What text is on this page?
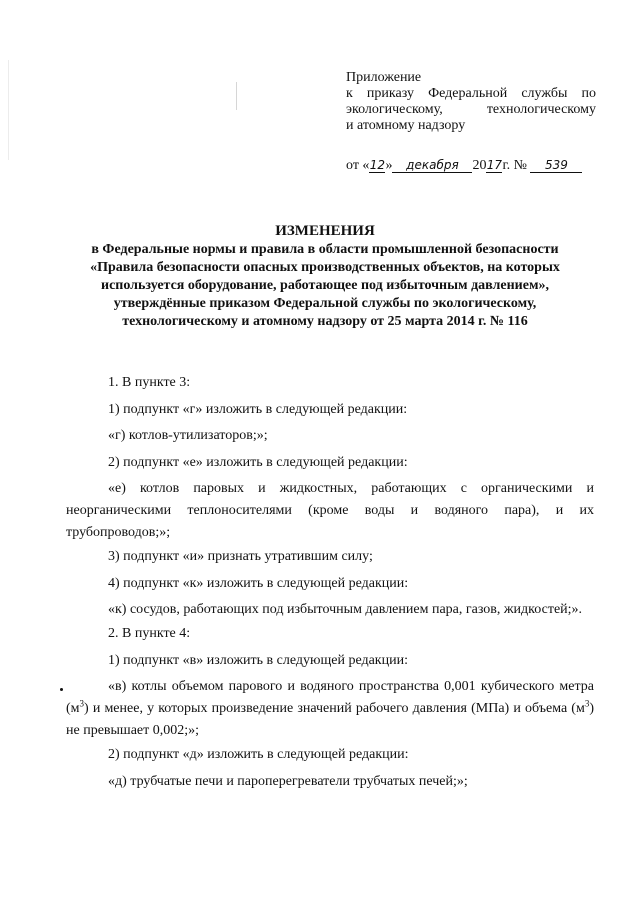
Приложение

к приказу Федеральной службы по

экологическому, технологическому

и атомному надзору

от «12» декабря 2017г. № 539

ИЗМЕНЕНИЯ

в Федеральные нормы и правила в области промышленной безопасности

«Правила безопасности опасных производственных объектов, на которых

используется оборудование, работающее под избыточным давлением»,

утверждённые приказом Федеральной службы по экологическому,

технологическому и атомному надзору от 25 марта 2014 г. № 116

1. В пункте 3:

1) подпункт «г» изложить в следующей редакции:

«г) котлов-утилизаторов;»;

2) подпункт «е» изложить в следующей редакции:

«е) котлов паровых и жидкостных, работающих с органическими и неорганическими теплоносителями (кроме воды и водяного пара), и их трубопроводов;»;

3) подпункт «и» признать утратившим силу;

4) подпункт «к» изложить в следующей редакции:

«к) сосудов, работающих под избыточным давлением пара, газов, жидкостей;».

2. В пункте 4:

1) подпункт «в» изложить в следующей редакции:

«в) котлы объемом парового и водяного пространства 0,001 кубического метра $(м^3)$ и менее, у которых произведение значений рабочего давления (МПа) и объема $(м^3)$ не превышает 0,002;»;

2) подпункт «д» изложить в следующей редакции:

«д) трубчатые печи и пароперегреватели трубчатых печей;»;
